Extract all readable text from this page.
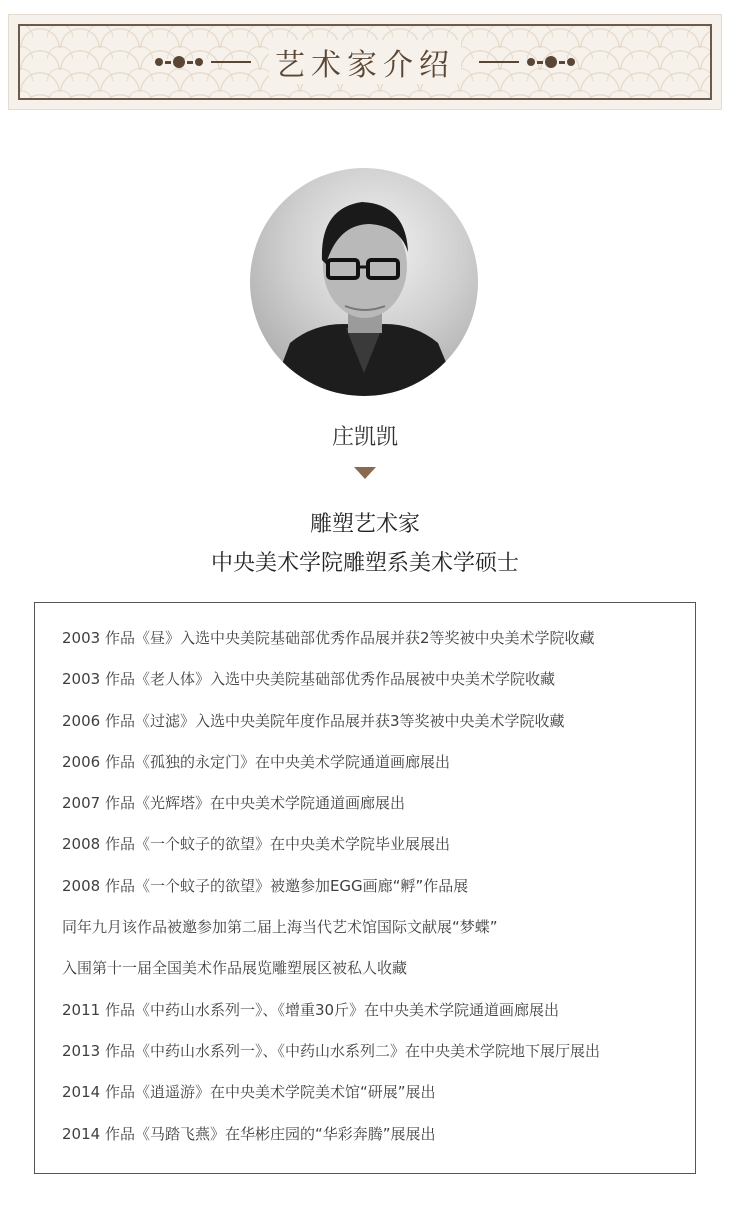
艺术家介绍
庄凯凯
雕塑艺术家
中央美术学院雕塑系美术学硕士
2003 作品《昼》入选中央美院基础部优秀作品展并获2等奖被中央美术学院收藏
2003 作品《老人体》入选中央美院基础部优秀作品展被中央美术学院收藏
2006 作品《过滤》入选中央美院年度作品展并获3等奖被中央美术学院收藏
2006 作品《孤独的永定门》在中央美术学院通道画廊展出
2007 作品《光辉塔》在中央美术学院通道画廊展出
2008 作品《一个蚊子的欲望》在中央美术学院毕业展展出
2008 作品《一个蚊子的欲望》被邀参加EGG画廊“孵”作品展
同年九月该作品被邀参加第二届上海当代艺术馆国际文献展“梦蝶”
入围第十一届全国美术作品展览雕塑展区被私人收藏
2011 作品《中药山水系列一》、《增重30斤》在中央美术学院通道画廊展出
2013 作品《中药山水系列一》、《中药山水系列二》在中央美术学院地下展厅展出
2014 作品《逍遥游》在中央美术学院美术馆“研展”展出
2014 作品《马踏飞燕》在华彬庄园的“华彩奔腾”展展出
